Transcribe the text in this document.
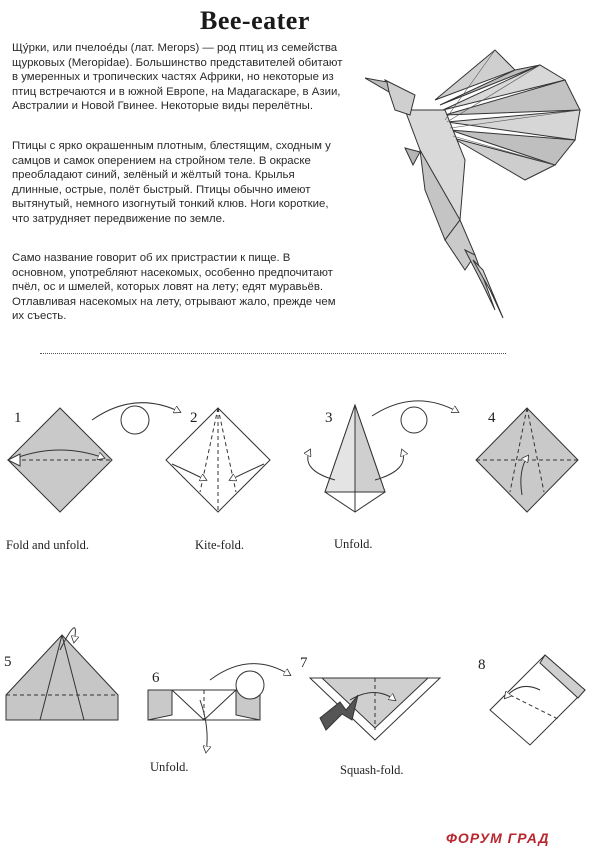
Bee-eater
Щу́рки, или пчелое́ды (лат. Merops) — род птиц из семейства щурковых (Meropidae). Большинство представителей обитают в умеренных и тропических частях Африки, но некоторые из птиц встречаются и в южной Европе, на Мадагаскаре, в Азии, Австралии и Новой Гвинее. Некоторые виды перелётны.
Птицы с ярко окрашенным плотным, блестящим, сходным у самцов и самок оперением на стройном теле. В окраске преобладают синий, зелёный и жёлтый тона. Крылья длинные, острые, полёт быстрый. Птицы обычно имеют вытянутый, немного изогнутый тонкий клюв. Ноги короткие, что затрудняет передвижение по земле.
Само название говорит об их пристрастии к пище. В основном, употребляют насекомых, особенно предпочитают пчёл, ос и шмелей, которых ловят на лету; едят муравьёв. Отлавливая насекомых на лету, отрывают жало, прежде чем их съесть.
1	2	3	4
5
6
7	8
Fold and unfold.	Kite-fold.	Unfold.
Unfold.	Squash-fold.
ФОРУМ ГРАД
